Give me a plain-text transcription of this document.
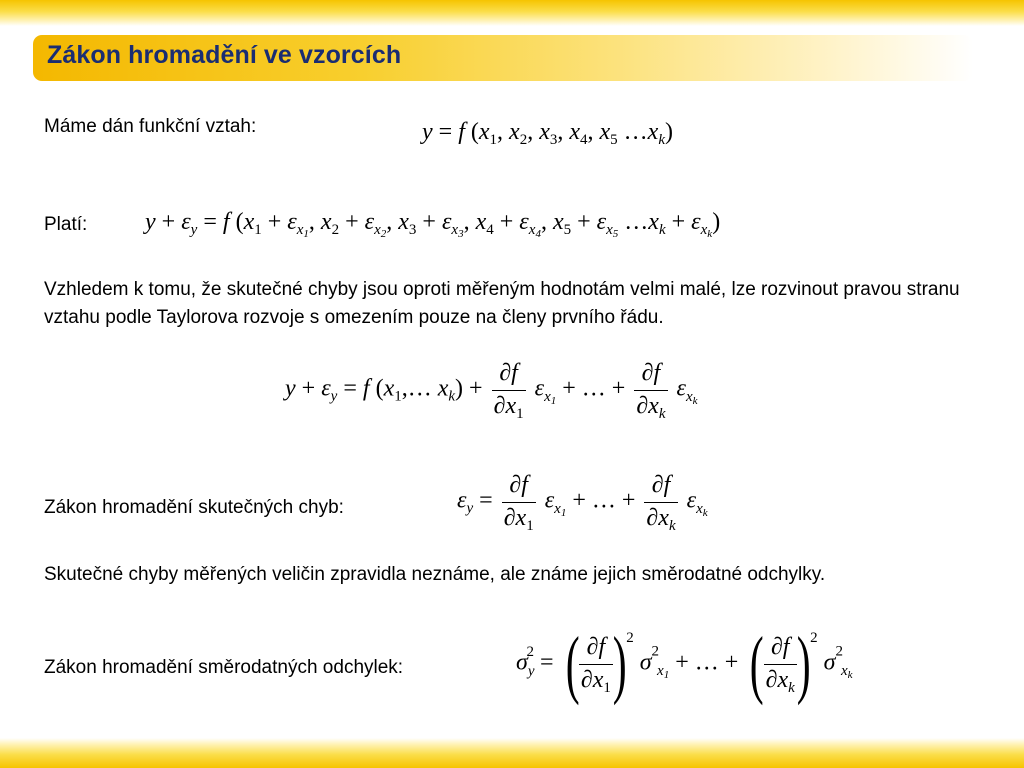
Zákon hromadění ve vzorcích
Máme dán funkční vztah:	y = f ($x_1$, $x_2$, $x_3$, $x_4$, $x_5$ $\dots x_k$)
Platí: $y + \varepsilon_y = f$ ($x_1 + \varepsilon_{x_1}$, $x_2 + \varepsilon_{x_2}$, $x_3 + \varepsilon_{x_3}$, $x_4 + \varepsilon_{x_4}$, $x_5 + \varepsilon_{x_5}$ $\dots x_k + \varepsilon_{x_k}$)
Vzhledem k tomu, že skutečné chyby jsou oproti měřeným hodnotám velmi malé, lze rozvinout pravou stranu vztahu podle Taylorova rozvoje s omezením pouze na členy prvního řádu.
$y + \varepsilon_y = f$ ($x_1,\dots$ $x_k) + \frac{\partial f}{\partial x_1} \varepsilon_{x_1}$ + … + $\frac{\partial f}{\partial x_k} \varepsilon_{x_k}$
Zákon hromadění skutečných chyb:	$\varepsilon_y = \frac{\partial f}{\partial x_1} \varepsilon_{x_1}$ + … + $\frac{\partial f}{\partial x_k} \varepsilon_{x_k}$
Skutečné chyby měřených veličin zpravidla neznáme, ale známe jejich směrodatné odchylky.
Zákon hromadění směrodatných odchylek:	$\sigma_y^2$ = ( $\frac{\partial f}{\partial x_1} )^2$ $\sigma^2_{x_1}$ + … + ( $\frac{\partial f}{\partial x_k} )^2$ $\sigma^2_{x_k}$
